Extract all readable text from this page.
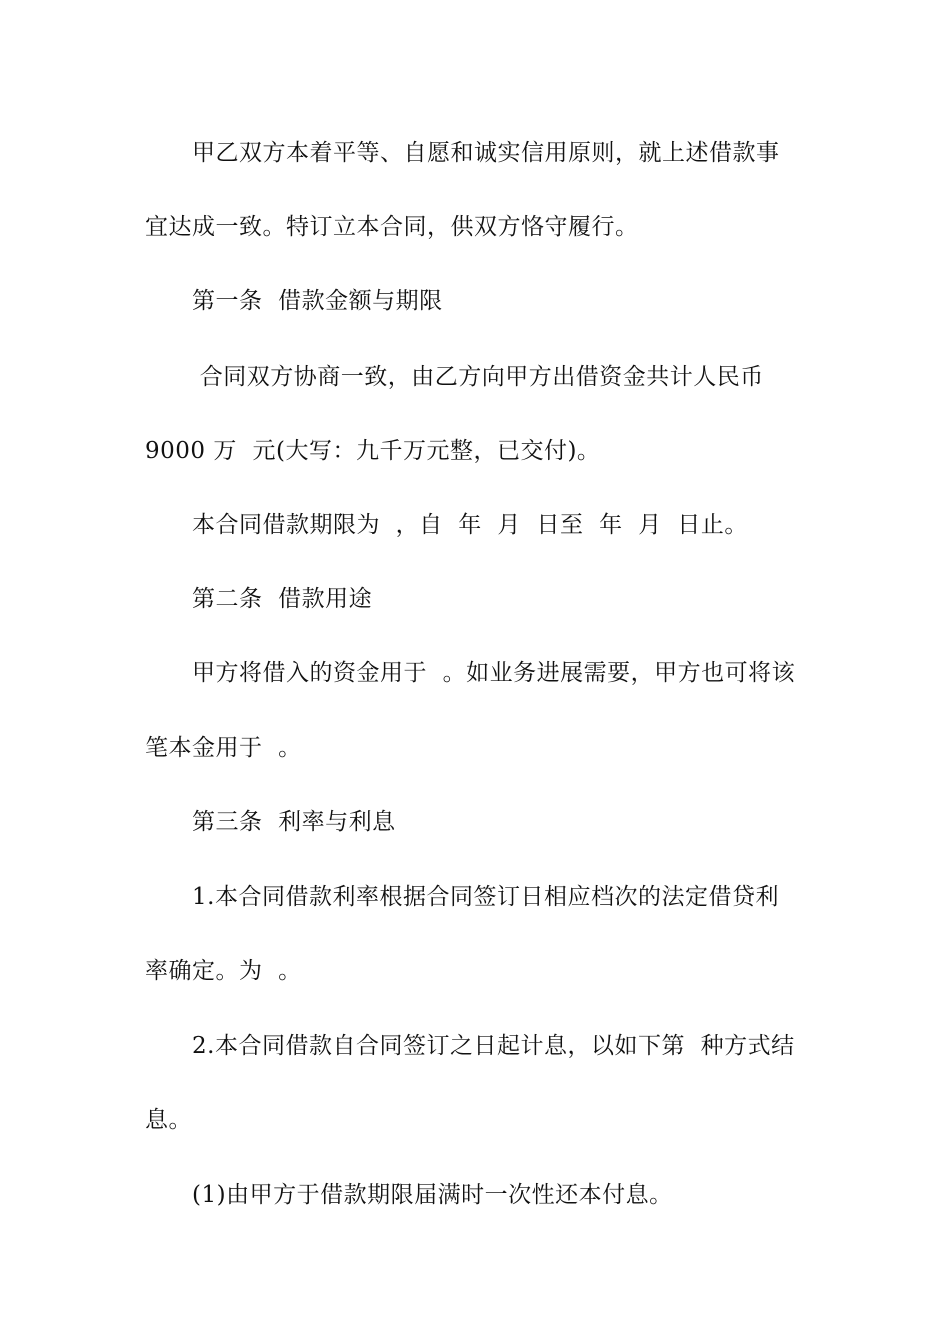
甲乙双方本着平等、自愿和诚实信用原则，就上述借款事
宜达成一致。特订立本合同，供双方恪守履行。
第一条  借款金额与期限
合同双方协商一致，由乙方向甲方出借资金共计人民币
9000 万  元(大写：九千万元整，已交付)。
本合同借款期限为  ，自  年  月  日至  年  月  日止。
第二条  借款用途
甲方将借入的资金用于  。如业务进展需要，甲方也可将该
笔本金用于  。
第三条  利率与利息
1.本合同借款利率根据合同签订日相应档次的法定借贷利
率确定。为  。
2.本合同借款自合同签订之日起计息，以如下第  种方式结
息。
(1)由甲方于借款期限届满时一次性还本付息。
